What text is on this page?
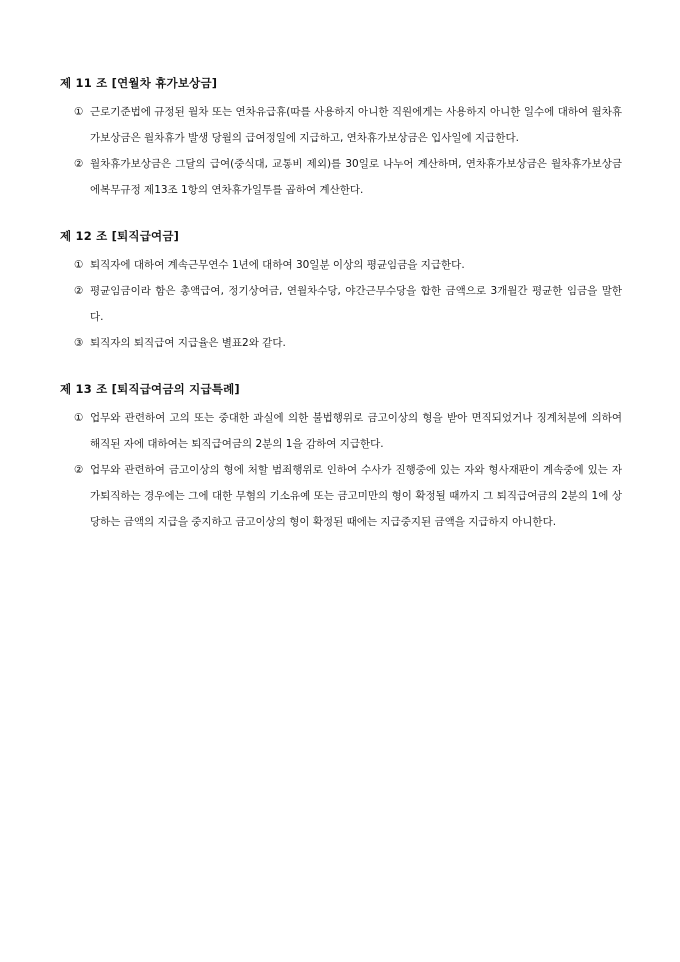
제 11 조 [연월차 휴가보상금]

① 근로기준법에 규정된 월차 또는 연차유급휴(따를 사용하지 아니한 직원에게는 사용하지 아니한 일수에 대하여 월차휴가보상금은 월차휴가 발생 당월의 급여정일에 지급하고, 연차휴가보상금은 입사일에 지급한다.

② 월차휴가보상금은 그달의 급여(중식대, 교통비 제외)를 30일로 나누어 계산하며, 연차휴가보상금은 월차휴가보상금에복무규정 제13조 1항의 연차휴가일투를 곱하여 계산한다.

제 12 조 [퇴직급여금]

① 퇴직자에 대하여 계속근무연수 1년에 대하여 30일분 이상의 평균임금을 지급한다.

② 평균임금이라 함은 총액급여, 정기상여금, 연월차수당, 야간근무수당을 합한 금액으로 3개월간 평균한 임금을 말한다.

③ 퇴직자의 퇴직급여 지급율은 별표2와 같다.

제 13 조 [퇴직급여금의 지급특례]

① 업무와 관련하여 고의 또는 중대한 과실에 의한 불법행위로 금고이상의 형을 받아 면직되었거나 징계처분에 의하여 해직된 자에 대하여는 퇴직급여금의 2분의 1을 감하여 지급한다.

② 업무와 관련하여 금고이상의 형에 처할 범죄행위로 인하여 수사가 진행중에 있는 자와 형사재판이 계속중에 있는 자가퇴직하는 경우에는 그에 대한 무혐의 기소유예 또는 금고미만의 형이 확정될 때까지 그 퇴직급여금의 2분의 1에 상당하는 금액의 지급을 중지하고 금고이상의 형이 확정된 때에는 지급중지된 금액을 지급하지 아니한다.
